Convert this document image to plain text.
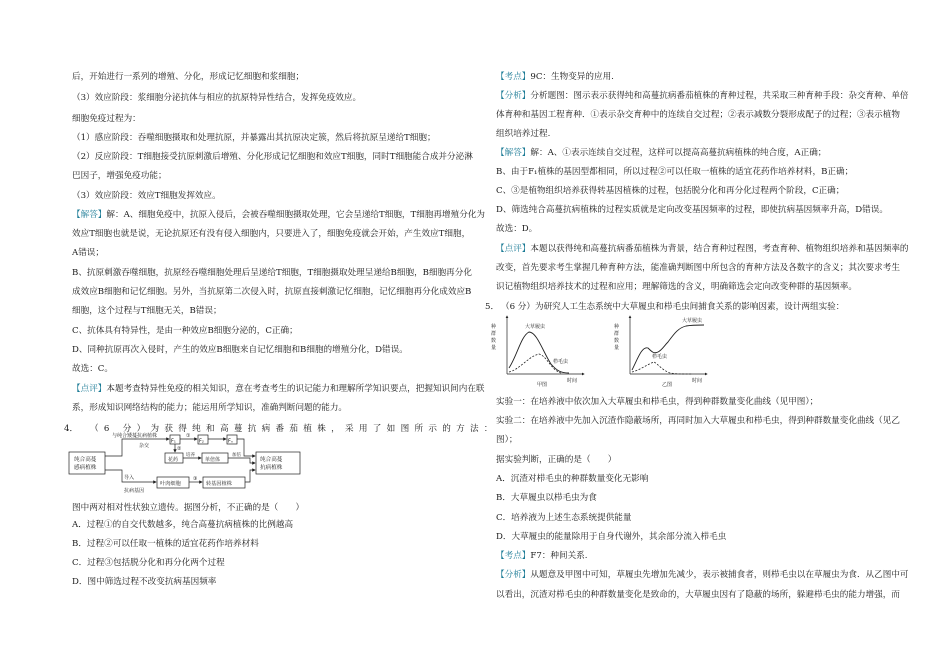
后，开始进行一系列的增殖、分化，形成记忆细胞和浆细胞；
（3）效应阶段：浆细胞分泌抗体与相应的抗原特异性结合，发挥免疫效应。
细胞免疫过程为：
（1）感应阶段：吞噬细胞摄取和处理抗原，并暴露出其抗原决定簇，然后将抗原呈递给T细胞；
（2）反应阶段：T细胞接受抗原刺激后增殖、分化形成记忆细胞和效应T细胞，同时T细胞能合成并分泌淋
巴因子，增强免疫功能；
（3）效应阶段：效应T细胞发挥效应。
【解答】解：A、细胞免疫中，抗原入侵后，会被吞噬细胞摄取处理，它会呈递给T细胞，T细胞再增殖分化为
效应T细胞也就是说，无论抗原还有没有侵入细胞内，只要进入了，细胞免疫就会开始，产生效应T细胞，
A错误；
B、抗原刺激吞噬细胞，抗原经吞噬细胞处理后呈递给T细胞，T细胞摄取处理呈递给B细胞，B细胞再分化
成效应B细胞和记忆细胞。另外，当抗原第二次侵入时，抗原直接刺激记忆细胞，记忆细胞再分化成效应B
细胞，这个过程与T细胞无关，B错误；
C、抗体具有特异性，是由一种效应B细胞分泌的，C正确；
D、同种抗原再次入侵时，产生的效应B细胞来自记忆细胞和B细胞的增殖分化，D错误。
故选：C。
【点评】本题考查特异性免疫的相关知识，意在考查考生的识记能力和理解所学知识要点，把握知识间内在联
系，形成知识网络结构的能力；能运用所学知识，准确判断问题的能力。
4． （6 分）为获得纯和高蔓抗病番茄植株，采用了如图所示的方法：
纯合高蔓
感病植株
纯合高蔓
抗病植株
与纯合矮蔓抗病植株
杂交
F₁	F₂	Fₙ
①
②
③
花药
培养
单倍体
加倍
导入
抗病基因
叶肉细胞	转基因植株
图中两对相对性状独立遗传。据图分析，不正确的是（　　）
A．过程①的自交代数越多，纯合高蔓抗病植株的比例越高
B．过程②可以任取一植株的适宜花药作培养材料
C．过程③包括脱分化和再分化两个过程
D．图中筛选过程不改变抗病基因频率
【考点】9C：生物变异的应用.
【分析】分析题图：图示表示获得纯和高蔓抗病番茄植株的育种过程，共采取三种育种手段：杂交育种、单倍
体育种和基因工程育种．①表示杂交育种中的连续自交过程；②表示减数分裂形成配子的过程；③表示植物
组织培养过程.
【解答】解：A、①表示连续自交过程，这样可以提高高蔓抗病植株的纯合度，A正确；
B、由于F₁植株的基因型都相同，所以过程②可以任取一植株的适宜花药作培养材料，B正确；
C、③是植物组织培养获得转基因植株的过程，包括脱分化和再分化过程两个阶段，C正确；
D、筛选纯合高蔓抗病植株的过程实质就是定向改变基因频率的过程，即使抗病基因频率升高，D错误。
故选：D。
【点评】本题以获得纯和高蔓抗病番茄植株为背景，结合育种过程图，考查育种、植物组织培养和基因频率的
改变，首先要求考生掌握几种育种方法，能准确判断图中所包含的育种方法及各数字的含义；其次要求考生
识记植物组织培养技术的过程和应用；理解筛选的含义，明确筛选会定向改变种群的基因频率。
5． （6 分）为研究人工生态系统中大草履虫和栉毛虫间捕食关系的影响因素，设计两组实验：
种
群
数
量
大草履虫
栉毛虫
时间
甲图
种
群
数
量
大草履虫
栉毛虫
时间
乙图
实验一：在培养液中依次加入大草履虫和栉毛虫，得到种群数量变化曲线（见甲图）；
实验二：在培养液中先加入沉渣作隐蔽场所，再同时加入大草履虫和栉毛虫，得到种群数量变化曲线（见乙
图）；
据实验判断，正确的是（　　）
A．沉渣对栉毛虫的种群数量变化无影响
B．大草履虫以栉毛虫为食
C．培养液为上述生态系统提供能量
D．大草履虫的能量除用于自身代谢外，其余部分流入栉毛虫
【考点】F7：种间关系.
【分析】从题意及甲图中可知，草履虫先增加先减少，表示被捕食者，则栉毛虫以在草履虫为食．从乙图中可
以看出，沉渣对栉毛虫的种群数量变化是致命的，大草履虫因有了隐蔽的场所，躲避栉毛虫的能力增强，而
